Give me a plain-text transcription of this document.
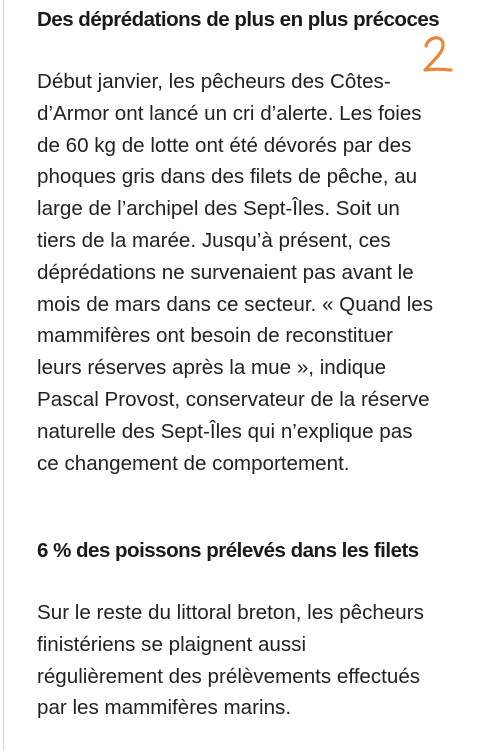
Des déprédations de plus en plus précoces

Début janvier, les pêcheurs des Côtes-
d’Armor ont lancé un cri d’alerte. Les foies
de 60 kg de lotte ont été dévorés par des
phoques gris dans des filets de pêche, au
large de l’archipel des Sept-Îles. Soit un
tiers de la marée. Jusqu’à présent, ces
déprédations ne survenaient pas avant le
mois de mars dans ce secteur. « Quand les
mammifères ont besoin de reconstituer
leurs réserves après la mue », indique
Pascal Provost, conservateur de la réserve
naturelle des Sept-Îles qui n’explique pas
ce changement de comportement.

6 % des poissons prélevés dans les filets

Sur le reste du littoral breton, les pêcheurs
finistériens se plaignent aussi
régulièrement des prélèvements effectués
par les mammifères marins.
